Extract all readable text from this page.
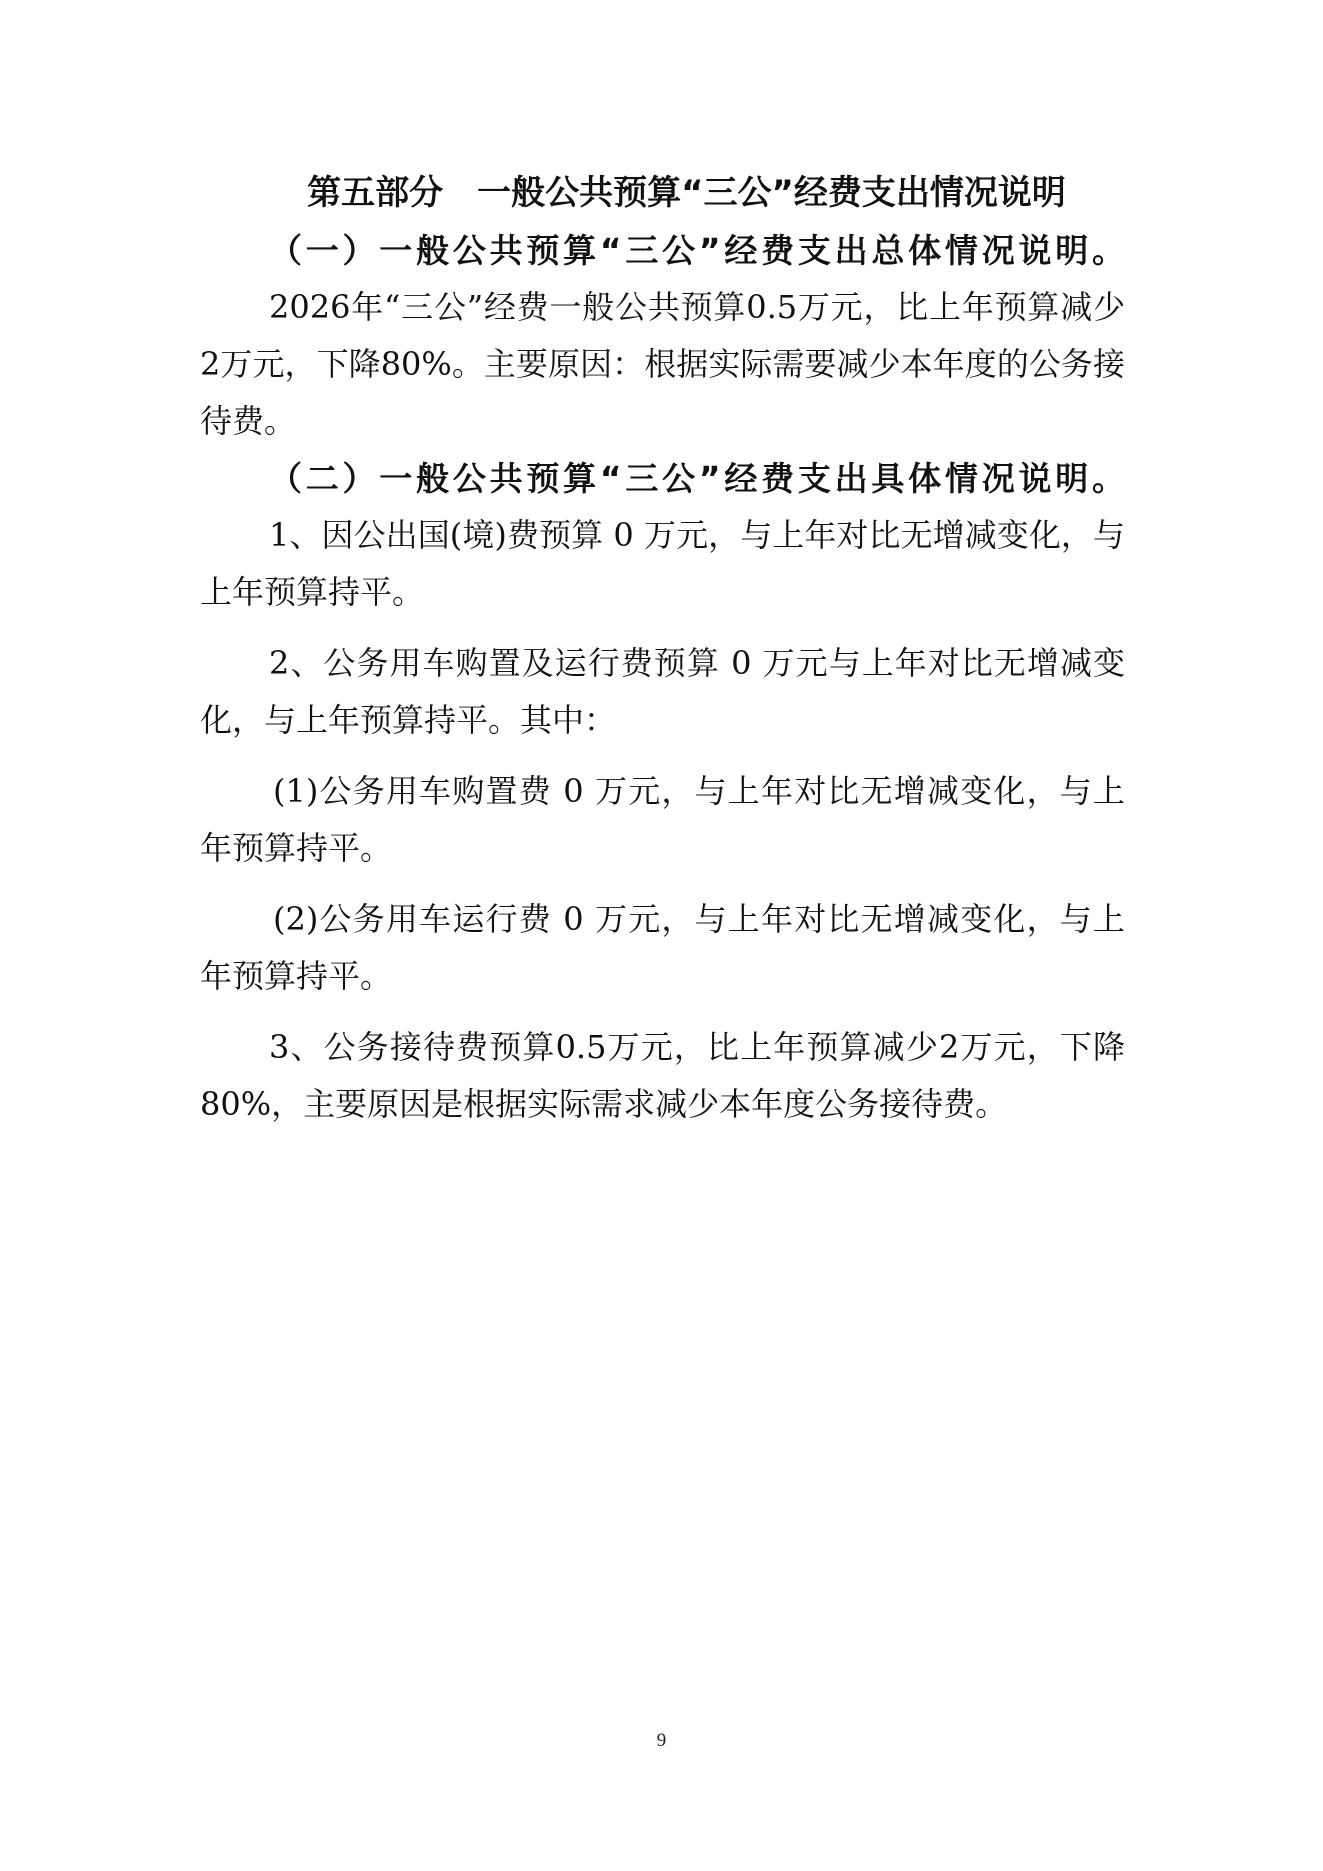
第五部分　一般公共预算“三公”经费支出情况说明

（一）一般公共预算“三公”经费支出总体情况说明。

2026年“三公”经费一般公共预算0.5万元，比上年预算减少2万元，下降80%。主要原因：根据实际需要减少本年度的公务接待费。

（二）一般公共预算“三公”经费支出具体情况说明。

1、因公出国(境)费预算 0 万元，与上年对比无增减变化，与上年预算持平。

2、公务用车购置及运行费预算 0 万元与上年对比无增减变化，与上年预算持平。其中：

(1)公务用车购置费 0 万元，与上年对比无增减变化，与上年预算持平。

(2)公务用车运行费 0 万元，与上年对比无增减变化，与上年预算持平。

3、公务接待费预算0.5万元，比上年预算减少2万元，下降80%，主要原因是根据实际需求减少本年度公务接待费。

9
